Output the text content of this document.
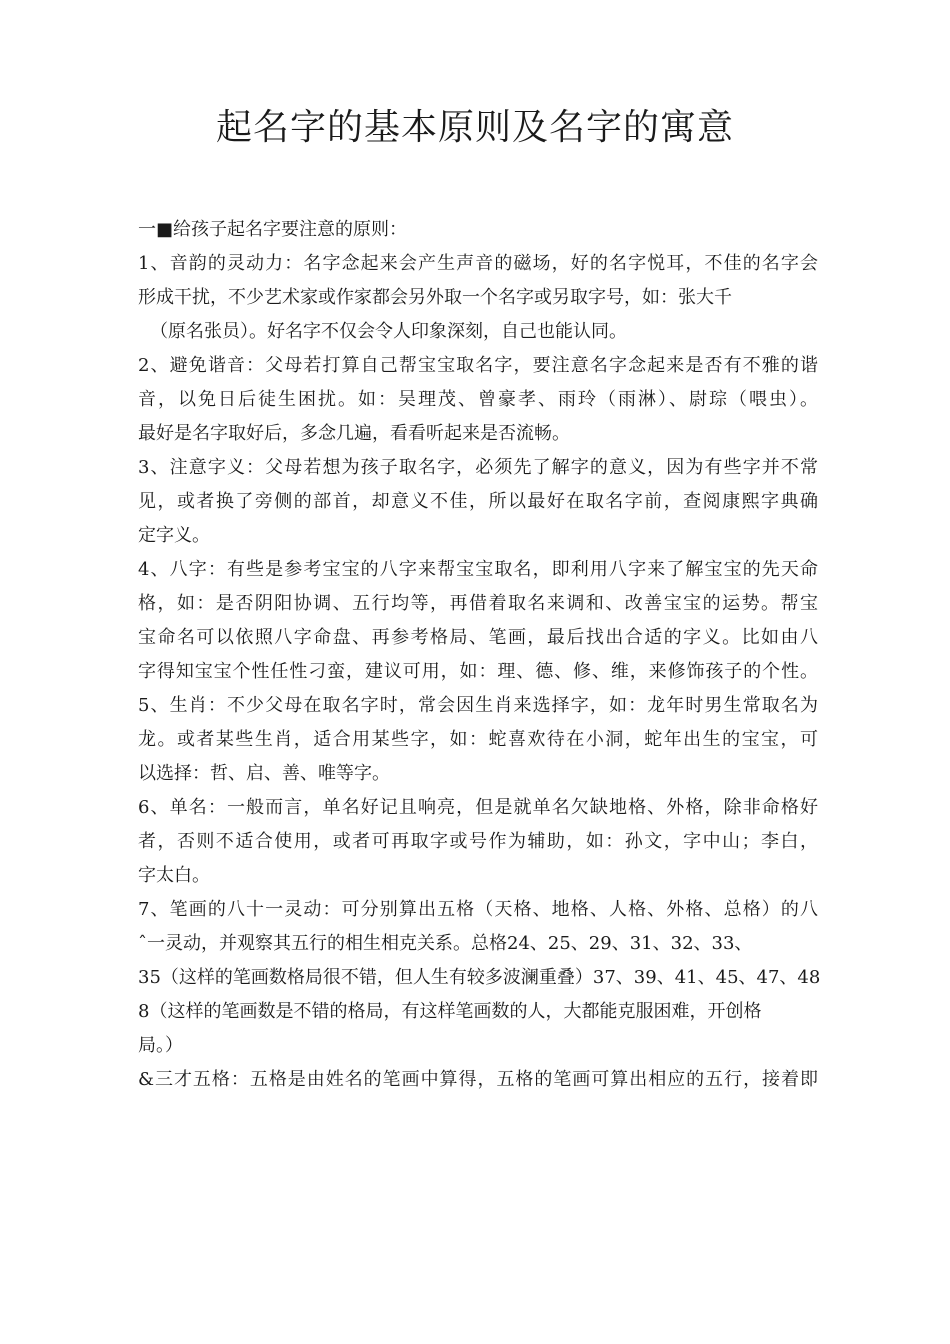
起名字的基本原则及名字的寓意
一■给孩子起名字要注意的原则：
1、音韵的灵动力：名字念起来会产生声音的磁场，好的名字悦耳，不佳的名字会
形成干扰，不少艺术家或作家都会另外取一个名字或另取字号，如：张大千
（原名张员）。好名字不仅会令人印象深刻，自己也能认同。
2、避免谐音：父母若打算自己帮宝宝取名字，要注意名字念起来是否有不雅的谐
音，以免日后徒生困扰。如：吴理茂、曾豪孝、雨玲（雨淋）、尉琮（喂虫）。
最好是名字取好后，多念几遍，看看听起来是否流畅。
3、注意字义：父母若想为孩子取名字，必须先了解字的意义，因为有些字并不常
见，或者换了旁侧的部首，却意义不佳，所以最好在取名字前，查阅康熙字典确
定字义。
4、八字：有些是参考宝宝的八字来帮宝宝取名，即利用八字来了解宝宝的先天命
格，如：是否阴阳协调、五行均等，再借着取名来调和、改善宝宝的运势。帮宝
宝命名可以依照八字命盘、再参考格局、笔画，最后找出合适的字义。比如由八
字得知宝宝个性任性刁蛮，建议可用，如：理、德、修、维，来修饰孩子的个性。
5、生肖：不少父母在取名字时，常会因生肖来选择字，如：龙年时男生常取名为
龙。或者某些生肖，适合用某些字，如：蛇喜欢待在小洞，蛇年出生的宝宝，可
以选择：哲、启、善、唯等字。
6、单名：一般而言，单名好记且响亮，但是就单名欠缺地格、外格，除非命格好
者，否则不适合使用，或者可再取字或号作为辅助，如：孙文，字中山；李白，
字太白。
7、笔画的八十一灵动：可分别算出五格（天格、地格、人格、外格、总格）的八
ˆ一灵动，并观察其五行的相生相克关系。总格24、25、29、31、32、33、
35（这样的笔画数格局很不错，但人生有较多波澜重叠）37、39、41、45、47、48
8（这样的笔画数是不错的格局，有这样笔画数的人，大都能克服困难，开创格
局。）
&三才五格：五格是由姓名的笔画中算得，五格的笔画可算出相应的五行，接着即
